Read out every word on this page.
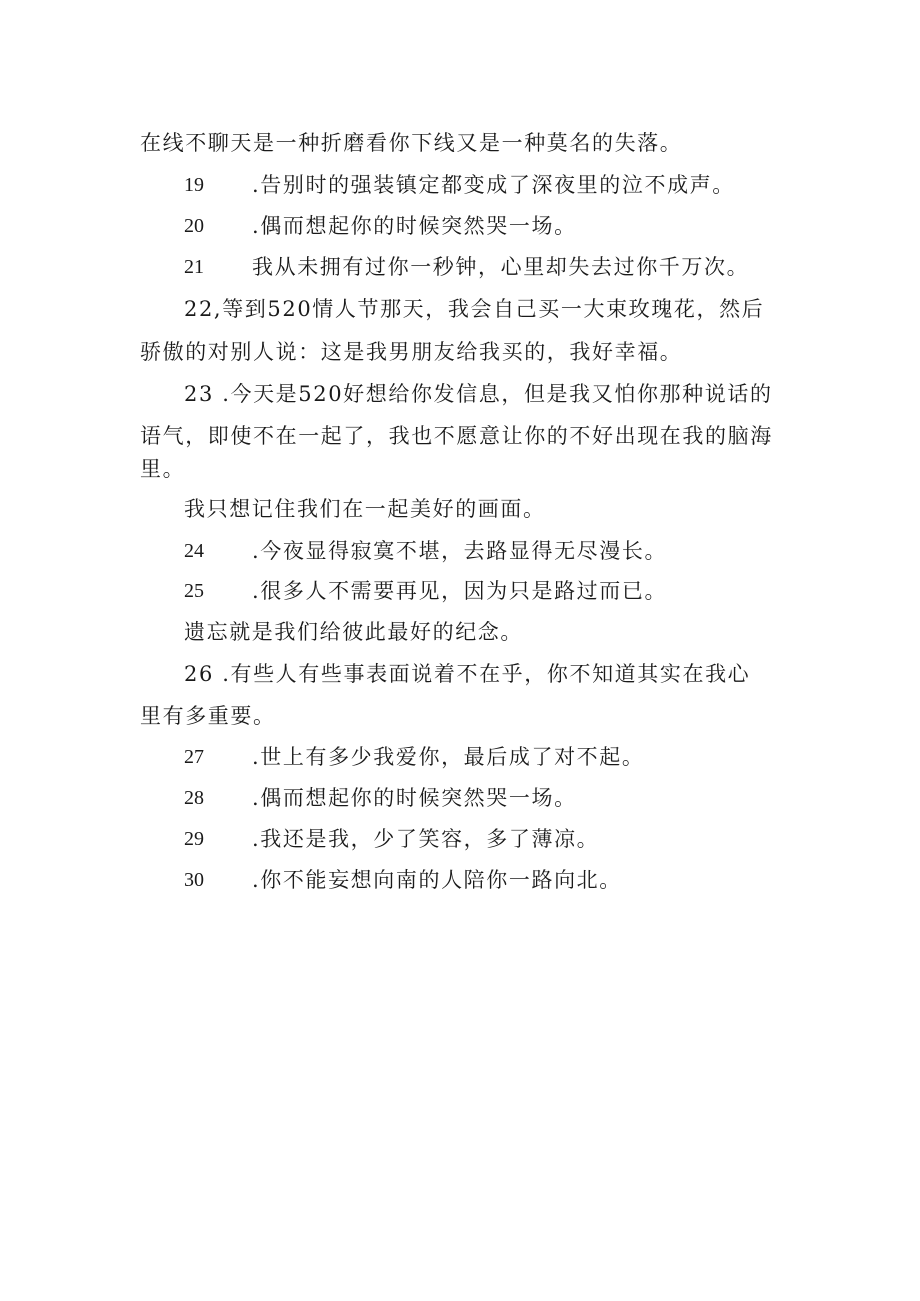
在线不聊天是一种折磨看你下线又是一种莫名的失落。
19 .告别时的强装镇定都变成了深夜里的泣不成声。
20 .偶而想起你的时候突然哭一场。
21 我从未拥有过你一秒钟，心里却失去过你千万次。
22,等到520情人节那天，我会自己买一大束玫瑰花，然后
骄傲的对别人说：这是我男朋友给我买的，我好幸福。
23 .今天是520好想给你发信息，但是我又怕你那种说话的
语气，即使不在一起了，我也不愿意让你的不好出现在我的脑海
里。
我只想记住我们在一起美好的画面。
24 .今夜显得寂寞不堪，去路显得无尽漫长。
25 .很多人不需要再见，因为只是路过而已。
遗忘就是我们给彼此最好的纪念。
26 .有些人有些事表面说着不在乎，你不知道其实在我心
里有多重要。
27 .世上有多少我爱你，最后成了对不起。
28 .偶而想起你的时候突然哭一场。
29 .我还是我，少了笑容，多了薄凉。
30 .你不能妄想向南的人陪你一路向北。
